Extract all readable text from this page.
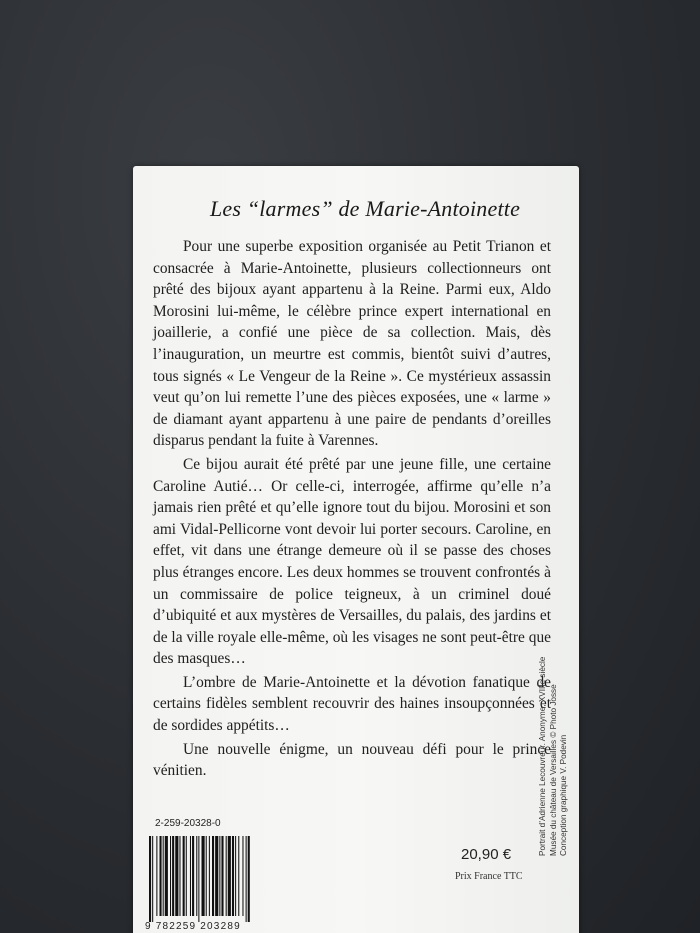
Les “larmes” de Marie-Antoinette

Pour une superbe exposition organisée au Petit Trianon et consacrée à Marie-Antoinette, plusieurs collectionneurs ont prêté des bijoux ayant appartenu à la Reine. Parmi eux, Aldo Morosini lui-même, le célèbre prince expert international en joaillerie, a confié une pièce de sa collection. Mais, dès l’inauguration, un meurtre est commis, bientôt suivi d’autres, tous signés « Le Vengeur de la Reine ». Ce mystérieux assassin veut qu’on lui remette l’une des pièces exposées, une « larme » de diamant ayant appartenu à une paire de pendants d’oreilles disparus pendant la fuite à Varennes.

Ce bijou aurait été prêté par une jeune fille, une certaine Caroline Autié… Or celle-ci, interrogée, affirme qu’elle n’a jamais rien prêté et qu’elle ignore tout du bijou. Morosini et son ami Vidal-Pellicorne vont devoir lui porter secours. Caroline, en effet, vit dans une étrange demeure où il se passe des choses plus étranges encore. Les deux hommes se trouvent confrontés à un commissaire de police teigneux, à un criminel doué d’ubiquité et aux mystères de Versailles, du palais, des jardins et de la ville royale elle-même, où les visages ne sont peut-être que des masques…

L’ombre de Marie-Antoinette et la dévotion fanatique de certains fidèles semblent recouvrir des haines insoupçonnées et de sordides appétits…

Une nouvelle énigme, un nouveau défi pour le prince vénitien.	Portrait d’Adrienne Lecouvreur. Anonyme, XVIIIe siècle Musée du château de Versailles © Photo Josse Conception graphique V. Podevin
2-259-20328-0
9 782259 203289
20,90 €
Prix France TTC
